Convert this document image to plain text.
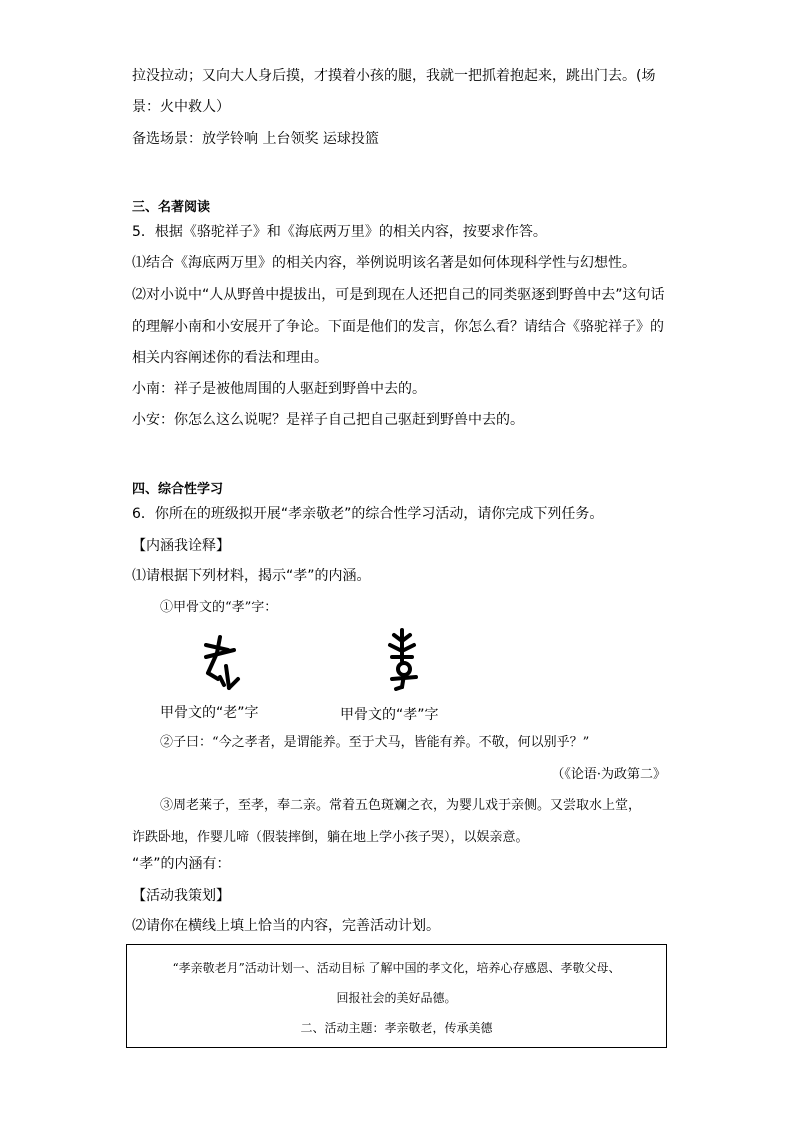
拉没拉动；又向大人身后摸，才摸着小孩的腿，我就一把抓着抱起来，跳出门去。(场
景：火中救人）
备选场景：放学铃响 上台领奖 运球投篮
三、名著阅读
5．根据《骆驼祥子》和《海底两万里》的相关内容，按要求作答。
⑴结合《海底两万里》的相关内容，举例说明该名著是如何体现科学性与幻想性。
⑵对小说中“人从野兽中提拔出，可是到现在人还把自己的同类驱逐到野兽中去”这句话
的理解小南和小安展开了争论。下面是他们的发言，你怎么看？请结合《骆驼祥子》的
相关内容阐述你的看法和理由。
小南：祥子是被他周围的人驱赶到野兽中去的。
小安：你怎么这么说呢？是祥子自己把自己驱赶到野兽中去的。
四、综合性学习
6．你所在的班级拟开展“孝亲敬老”的综合性学习活动，请你完成下列任务。
【内涵我诠释】
⑴请根据下列材料，揭示“孝”的内涵。
①甲骨文的“孝”字：
甲骨文的“老”字	甲骨文的“孝”字
②子曰：“今之孝者，是谓能养。至于犬马，皆能有养。不敬，何以别乎？”
（《论语·为政第二》
③周老莱子，至孝，奉二亲。常着五色斑斓之衣，为婴儿戏于亲侧。又尝取水上堂，
诈跌卧地，作婴儿啼（假装摔倒，躺在地上学小孩子哭），以娱亲意。
“孝”的内涵有：
【活动我策划】
⑵请你在横线上填上恰当的内容，完善活动计划。
“孝亲敬老月”活动计划一、活动目标 了解中国的孝文化，培养心存感恩、孝敬父母、
回报社会的美好品德。
二、活动主题：孝亲敬老，传承美德
